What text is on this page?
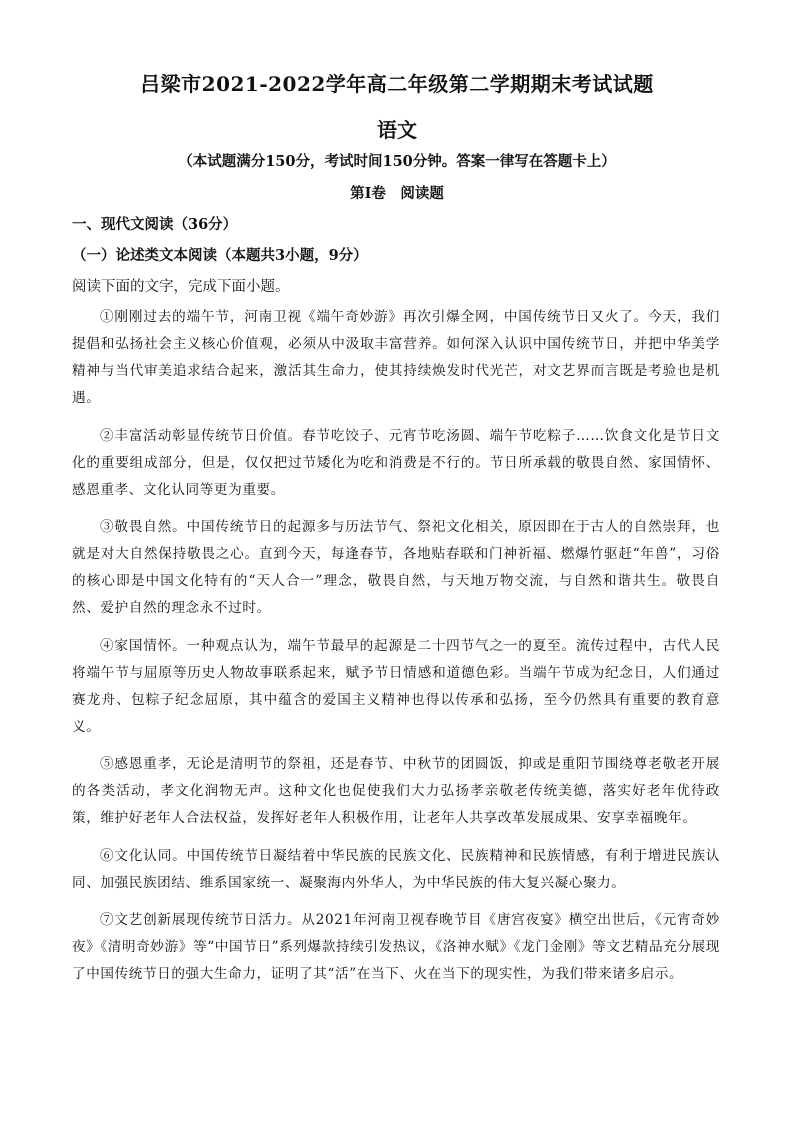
吕梁市2021-2022学年高二年级第二学期期末考试试题
语文
（本试题满分150分，考试时间150分钟。答案一律写在答题卡上）
第Ⅰ卷　阅读题
一、现代文阅读（36分）
（一）论述类文本阅读（本题共3小题，9分）
阅读下面的文字，完成下面小题。

①刚刚过去的端午节，河南卫视《端午奇妙游》再次引爆全网，中国传统节日又火了。今天，我们提倡和弘扬社会主义核心价值观，必须从中汲取丰富营养。如何深入认识中国传统节日，并把中华美学精神与当代审美追求结合起来，激活其生命力，使其持续焕发时代光芒，对文艺界而言既是考验也是机遇。

②丰富活动彰显传统节日价值。春节吃饺子、元宵节吃汤圆、端午节吃粽子……饮食文化是节日文化的重要组成部分，但是，仅仅把过节矮化为吃和消费是不行的。节日所承载的敬畏自然、家国情怀、感恩重孝、文化认同等更为重要。

③敬畏自然。中国传统节日的起源多与历法节气、祭祀文化相关，原因即在于古人的自然崇拜，也就是对大自然保持敬畏之心。直到今天，每逢春节，各地贴春联和门神祈福、燃爆竹驱赶“年兽”，习俗的核心即是中国文化特有的“天人合一”理念，敬畏自然，与天地万物交流，与自然和谐共生。敬畏自然、爱护自然的理念永不过时。

④家国情怀。一种观点认为，端午节最早的起源是二十四节气之一的夏至。流传过程中，古代人民将端午节与屈原等历史人物故事联系起来，赋予节日情感和道德色彩。当端午节成为纪念日，人们通过赛龙舟、包粽子纪念屈原，其中蕴含的爱国主义精神也得以传承和弘扬，至今仍然具有重要的教育意义。

⑤感恩重孝，无论是清明节的祭祖，还是春节、中秋节的团圆饭，抑或是重阳节围绕尊老敬老开展的各类活动，孝文化润物无声。这种文化也促使我们大力弘扬孝亲敬老传统美德，落实好老年优待政策，维护好老年人合法权益，发挥好老年人积极作用，让老年人共享改革发展成果、安享幸福晚年。

⑥文化认同。中国传统节日凝结着中华民族的民族文化、民族精神和民族情感，有利于增进民族认同、加强民族团结、维系国家统一、凝聚海内外华人，为中华民族的伟大复兴凝心聚力。

⑦文艺创新展现传统节日活力。从2021年河南卫视春晚节目《唐宫夜宴》横空出世后，《元宵奇妙夜》《清明奇妙游》等“中国节日”系列爆款持续引发热议，《洛神水赋》《龙门金刚》等文艺精品充分展现了中国传统节日的强大生命力，证明了其“活”在当下、火在当下的现实性，为我们带来诸多启示。
